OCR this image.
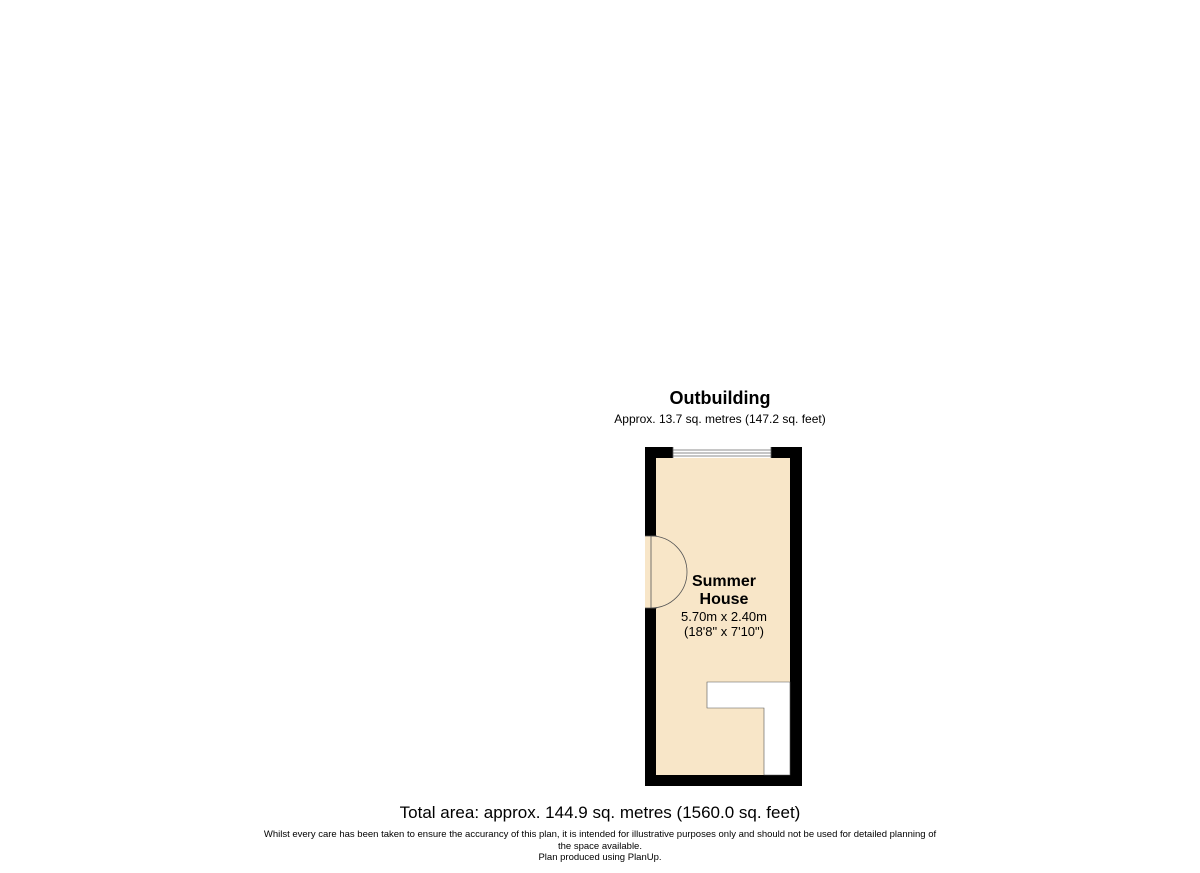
Outbuilding
Approx. 13.7 sq. metres (147.2 sq. feet)
Summer
House
5.70m x 2.40m
(18'8" x 7'10")
Total area: approx. 144.9 sq. metres (1560.0 sq. feet)
Whilst every care has been taken to ensure the accurancy of this plan, it is intended for illustrative purposes only and should not be used for detailed planning of
the space available.
Plan produced using PlanUp.
